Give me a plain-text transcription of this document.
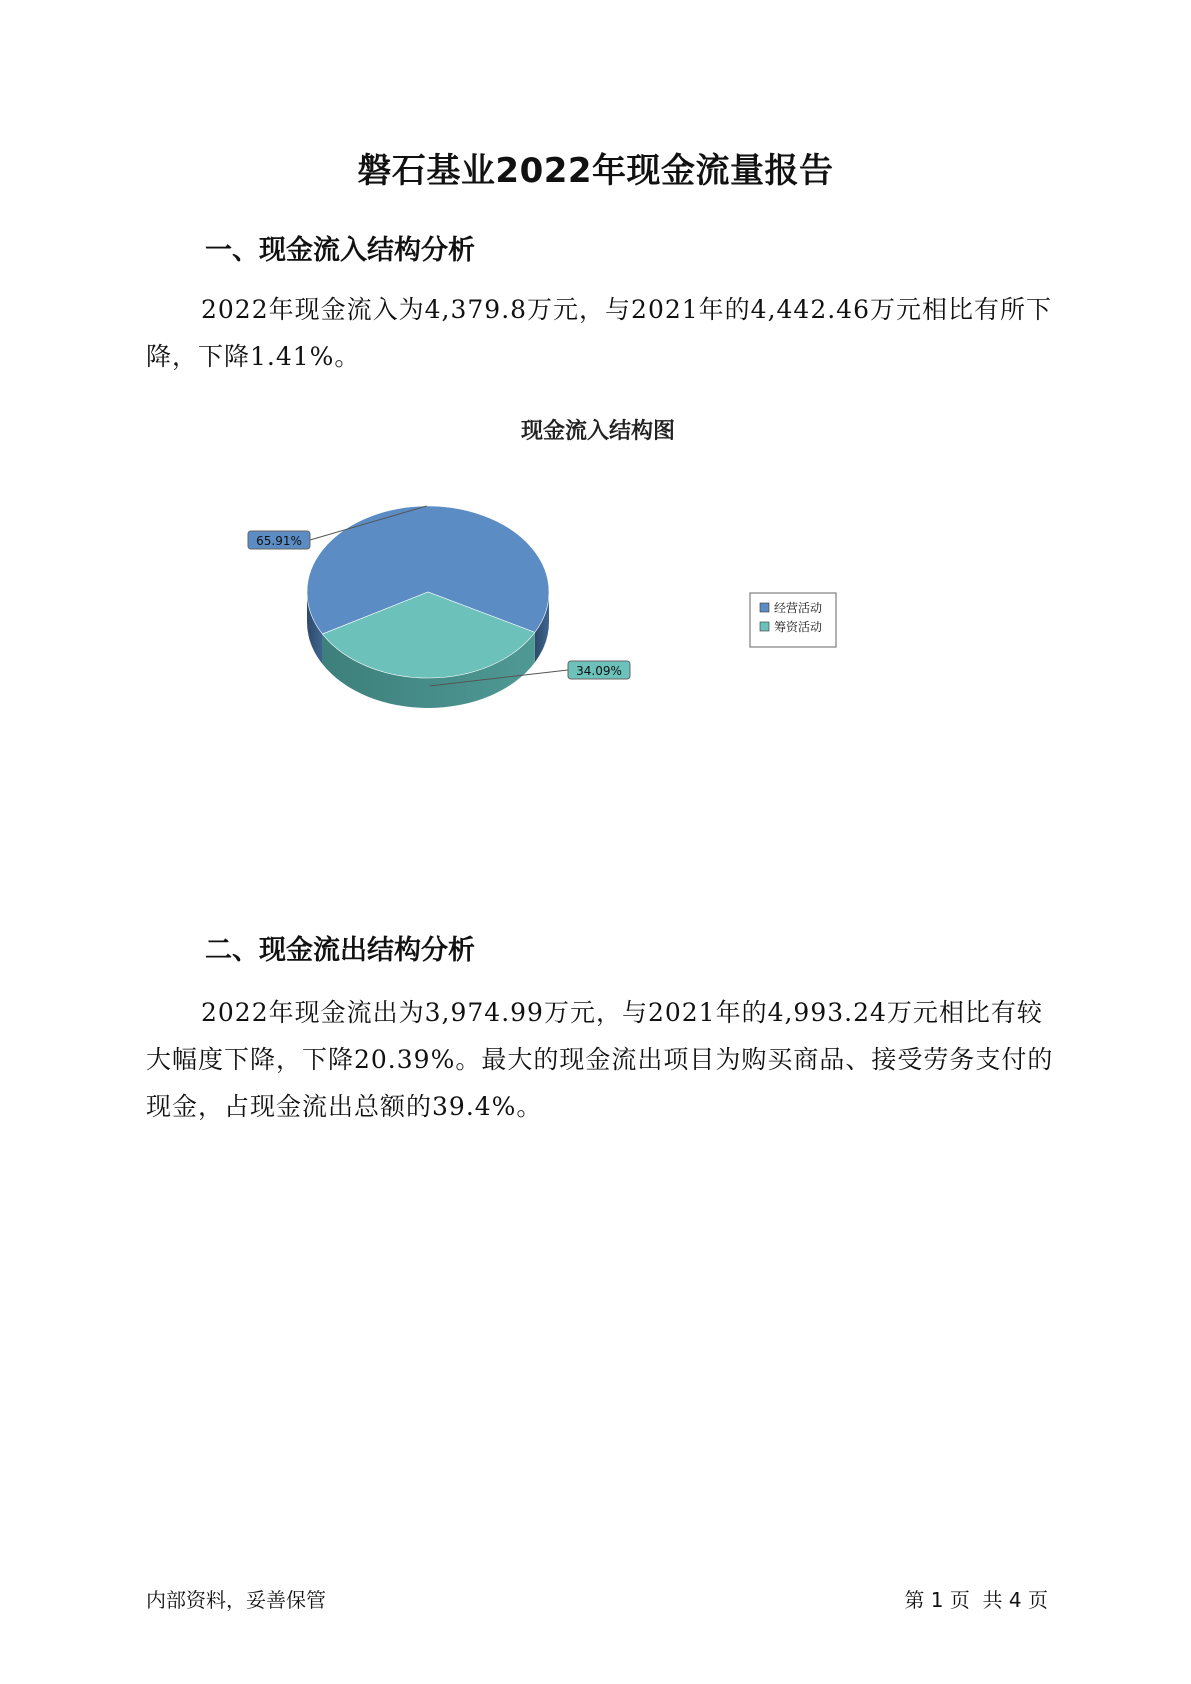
磐石基业2022年现金流量报告
一、现金流入结构分析
2022年现金流入为4,379.8万元，与2021年的4,442.46万元相比有所下降，下降1.41%。
现金流入结构图
65.91%
34.09%
经营活动
筹资活动
二、现金流出结构分析
2022年现金流出为3,974.99万元，与2021年的4,993.24万元相比有较大幅度下降，下降20.39%。最大的现金流出项目为购买商品、接受劳务支付的现金，占现金流出总额的39.4%。
内部资料，妥善保管	第 1 页  共 4 页
